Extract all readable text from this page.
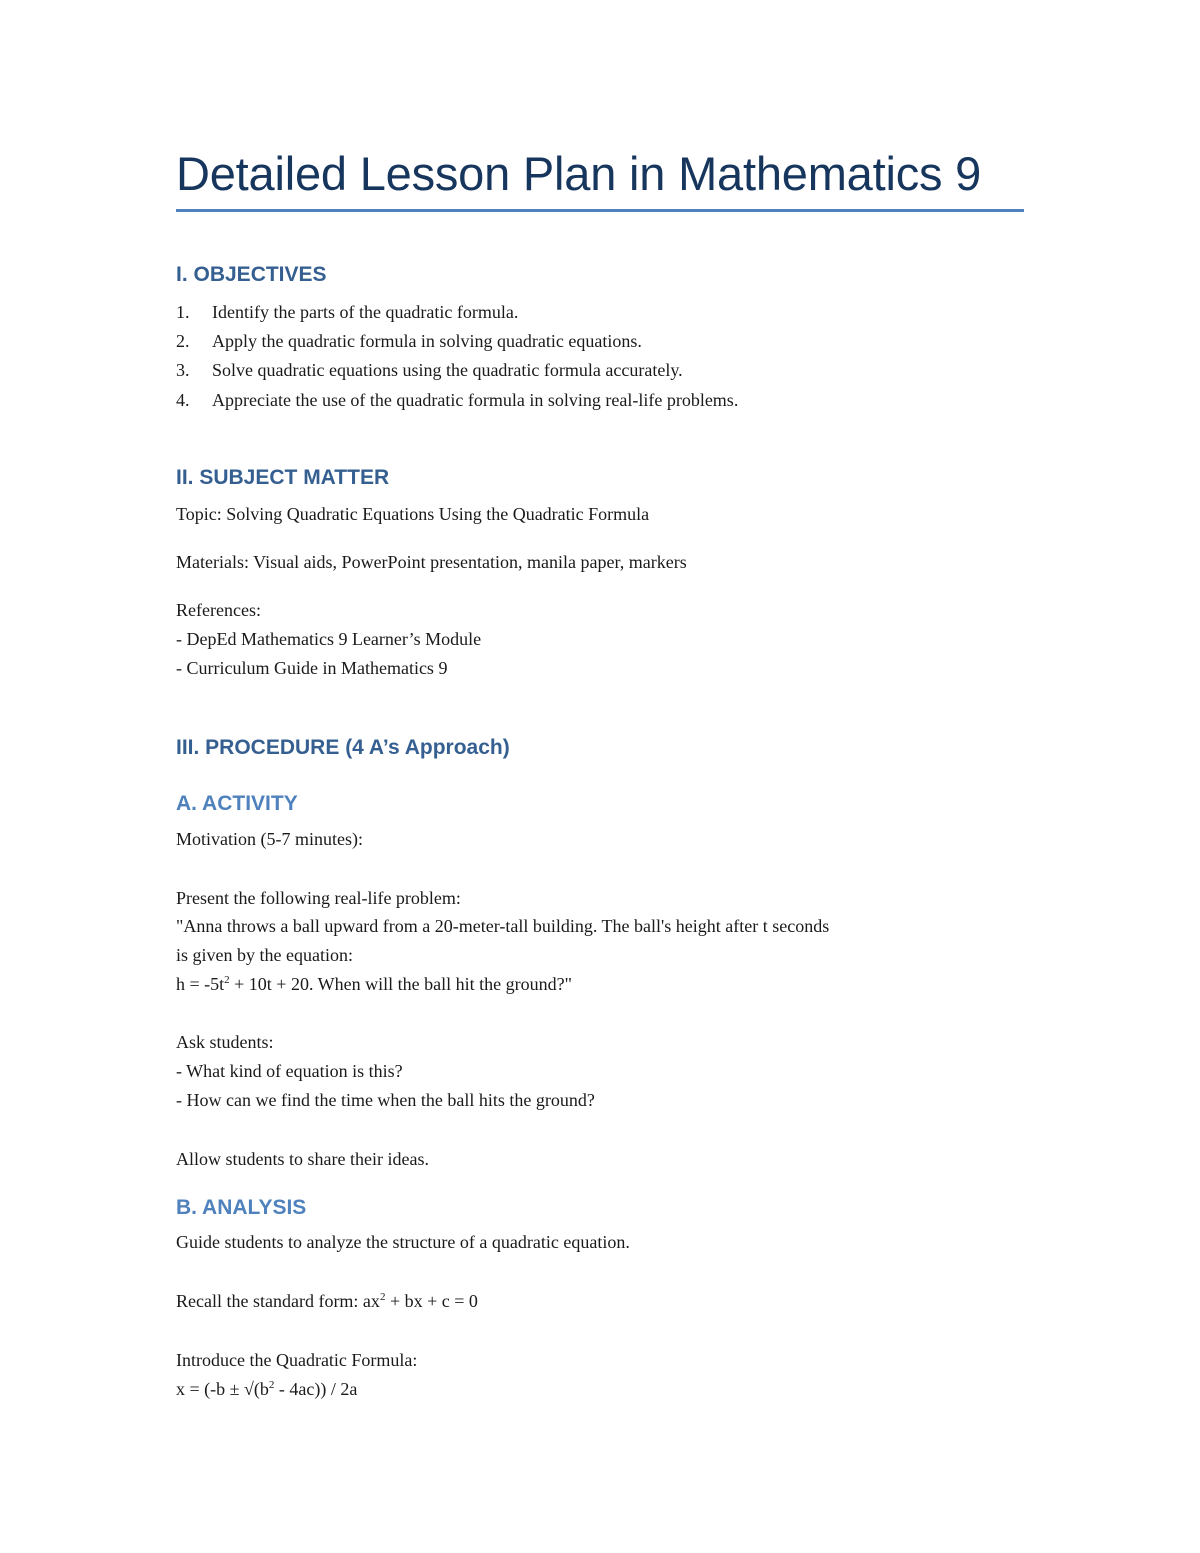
Detailed Lesson Plan in Mathematics 9
I. OBJECTIVES
1. Identify the parts of the quadratic formula.
2. Apply the quadratic formula in solving quadratic equations.
3. Solve quadratic equations using the quadratic formula accurately.
4. Appreciate the use of the quadratic formula in solving real-life problems.
II. SUBJECT MATTER
Topic: Solving Quadratic Equations Using the Quadratic Formula
Materials: Visual aids, PowerPoint presentation, manila paper, markers
References:
- DepEd Mathematics 9 Learner’s Module
- Curriculum Guide in Mathematics 9
III. PROCEDURE (4 A’s Approach)
A. ACTIVITY
Motivation (5-7 minutes):
Present the following real-life problem:
"Anna throws a ball upward from a 20-meter-tall building. The ball's height after t seconds
is given by the equation:
$h = -5t^2 + 10t + 20$. When will the ball hit the ground?"
Ask students:
- What kind of equation is this?
- How can we find the time when the ball hits the ground?
Allow students to share their ideas.
B. ANALYSIS
Guide students to analyze the structure of a quadratic equation.
Recall the standard form: $ax^2$ + bx + c = 0
Introduce the Quadratic Formula:
$x = (-b \pm √(b^2 - 4ac)) / 2a$
